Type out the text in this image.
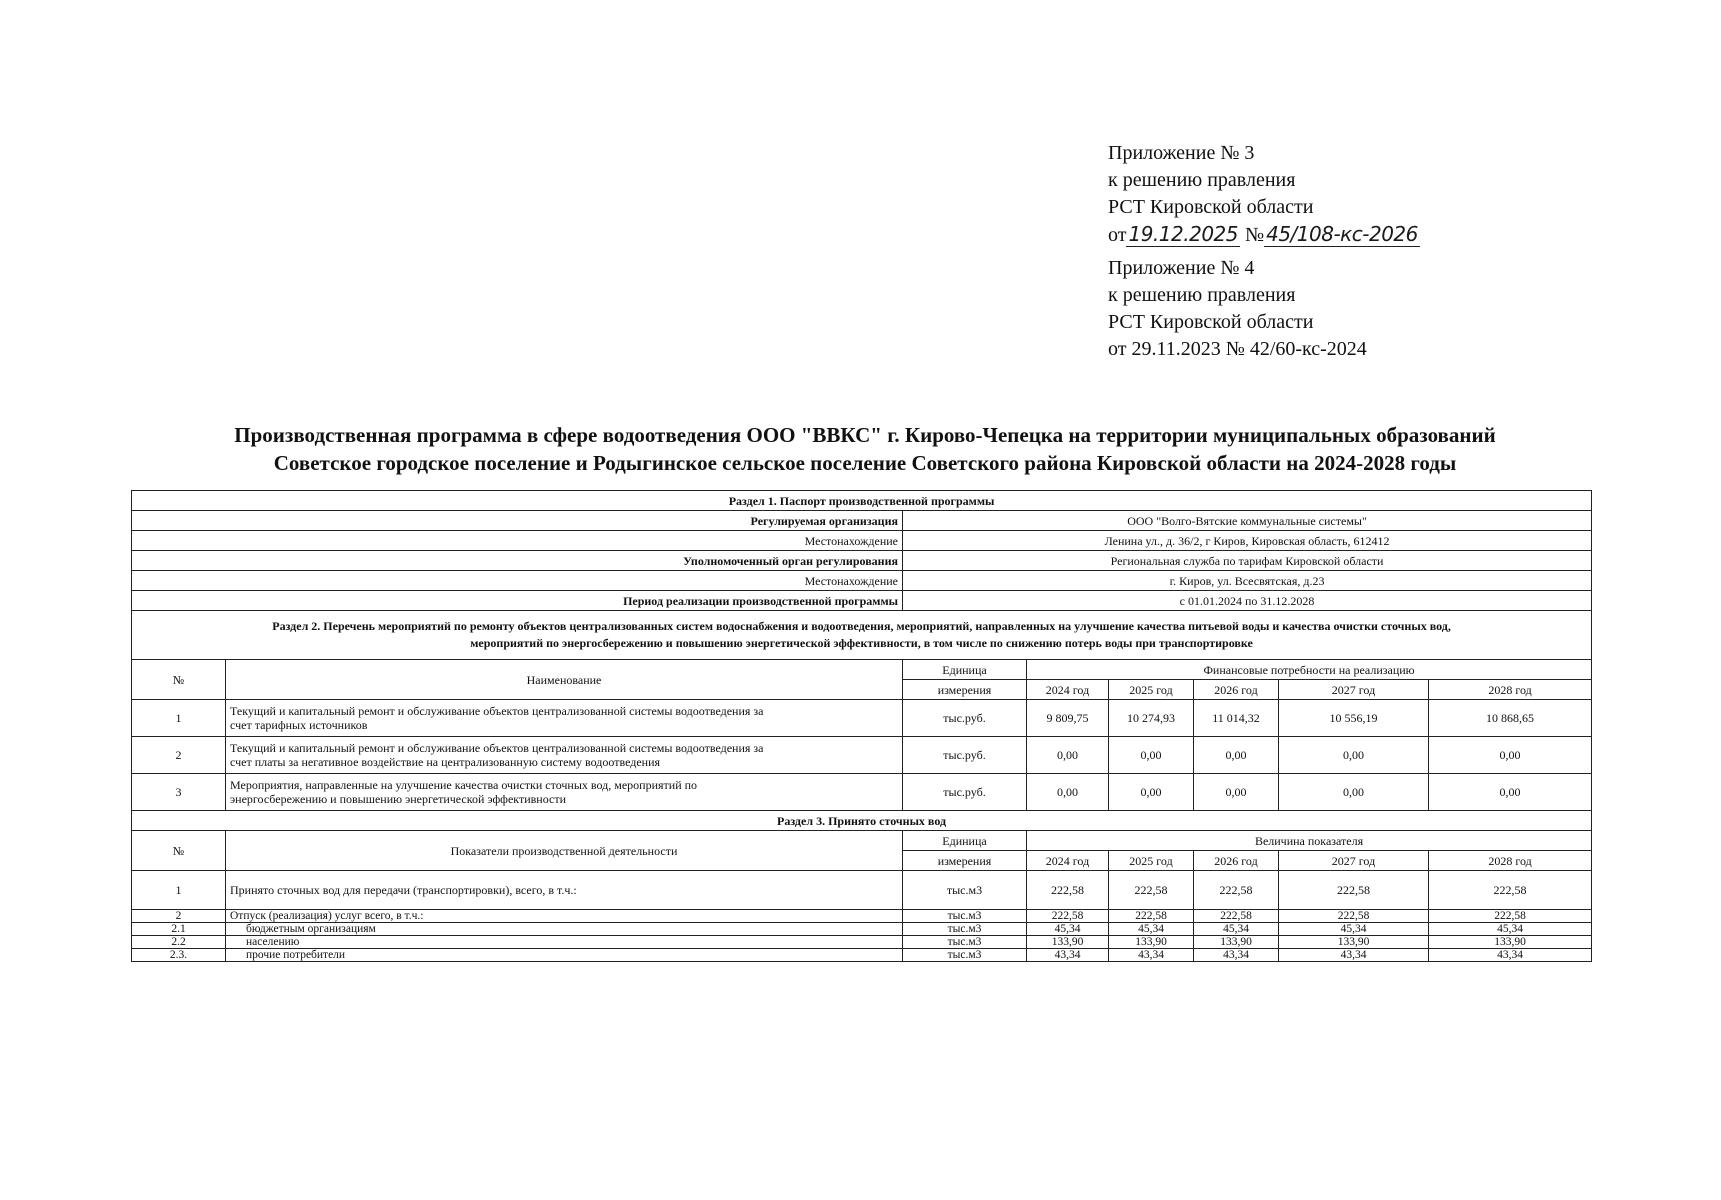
Приложение № 3
к решению правления
РСТ Кировской области
от 19.12.2025 № 45/108-кс-2026
Приложение № 4
к решению правления
РСТ Кировской области
от 29.11.2023 № 42/60-кс-2024
Производственная программа в сфере водоотведения ООО "ВВКС" г. Кирово-Чепецка на территории муниципальных образований
Советское городское поселение и Родыгинское сельское поселение Советского района Кировской области на 2024-2028 годы
Раздел 1. Паспорт производственной программы							
Регулируемая организация		ООО "Волго-Вятские коммунальные системы"					
Местонахождение		Ленина ул., д. 36/2, г Киров, Кировская область, 612412					
Уполномоченный орган регулирования		Региональная служба по тарифам Кировской области					
Местонахождение		г. Киров, ул. Всесвятская, д.23					
Период реализации производственной программы		с 01.01.2024 по 31.12.2028					

Раздел 2. Перечень мероприятий по ремонту объектов централизованных систем водоснабжения и водоотведения, мероприятий, направленных на улучшение качества питьевой воды и качества очистки сточных вод,
мероприятий по энергосбережению и повышению энергетической эффективности, в том числе по снижению потерь воды при транспортировке							

№	Наименование	Единица	Финансовые потребности на реализацию				
		измерения	2024 год	2025 год	2026 год	2027 год	2028 год
1	Текущий и капитальный ремонт и обслуживание объектов централизованной системы водоотведения за
счет тарифных источников	тыс.руб.	9 809,75	10 274,93	11 014,32	10 556,19	10 868,65
2	Текущий и капитальный ремонт и обслуживание объектов централизованной системы водоотведения за
счет платы за негативное воздействие на централизованную систему водоотведения	тыс.руб.	0,00	0,00	0,00	0,00	0,00
3	Мероприятия, направленные на улучшение качества очистки сточных вод, мероприятий по
энергосбережению и повышению энергетической эффективности	тыс.руб.	0,00	0,00	0,00	0,00	0,00
Раздел 3. Принято сточных вод							
№	Показатели производственной деятельности	Единица	Величина показателя				
		измерения	2024 год	2025 год	2026 год	2027 год	2028 год
1	Принято сточных вод для передачи (транспортировки), всего, в т.ч.:	тыс.м3	222,58	222,58	222,58	222,58	222,58
2	Отпуск (реализация) услуг всего, в т.ч.:	тыс.м3	222,58	222,58	222,58	222,58	222,58
2.1	бюджетным организациям	тыс.м3	45,34	45,34	45,34	45,34	45,34
2.2	населению	тыс.м3	133,90	133,90	133,90	133,90	133,90
2.3.	прочие потребители	тыс.м3	43,34	43,34	43,34	43,34	43,34
